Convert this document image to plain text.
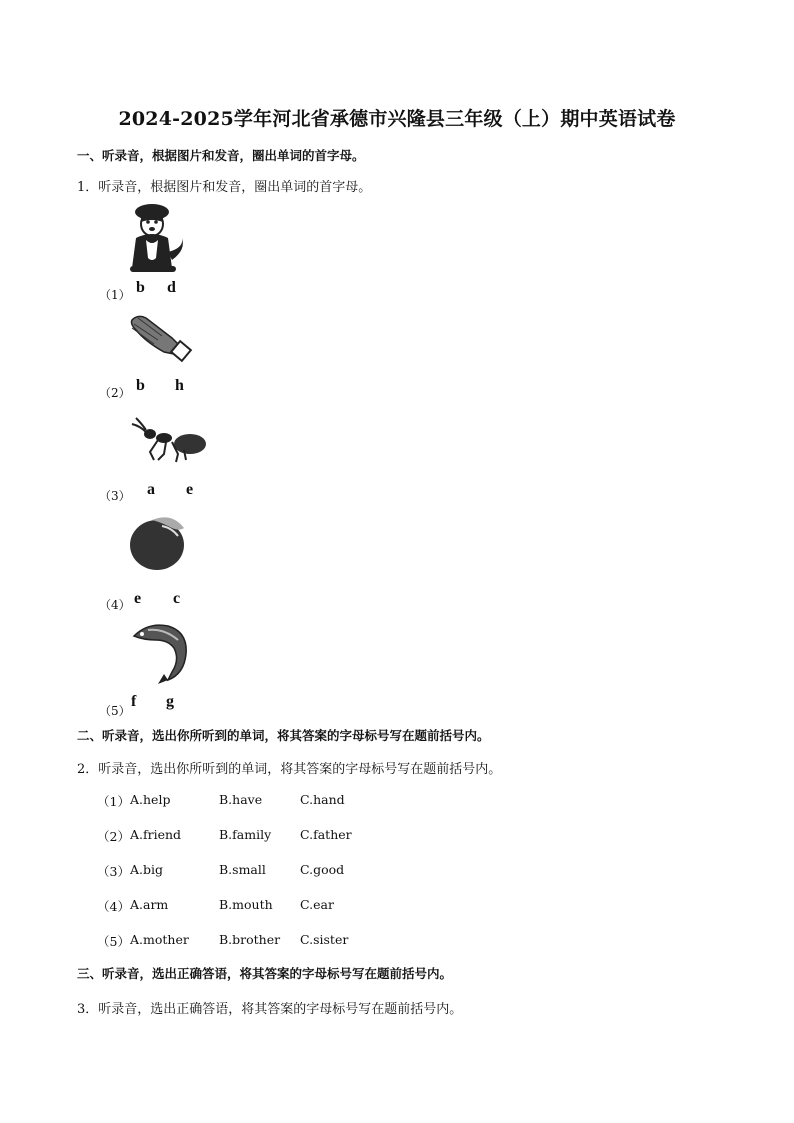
2024-2025学年河北省承德市兴隆县三年级（上）期中英语试卷
一、听录音，根据图片和发音，圈出单词的首字母。
1．听录音，根据图片和发音，圈出单词的首字母。
（1） b d
（2） b h
（3） a e
（4） e c
（5）
f g
二、听录音，选出你所听到的单词，将其答案的字母标号写在题前括号内。
2．听录音，选出你所听到的单词，将其答案的字母标号写在题前括号内。
（1） A.help	B.have	C.hand
（2） A.friend	B.family C.father
（3） A.big	B.small	C.good
（4） A.arm	B.mouth C.ear
（5） A.mother B.brother C.sister
三、听录音，选出正确答语，将其答案的字母标号写在题前括号内。
3．听录音，选出正确答语，将其答案的字母标号写在题前括号内。
